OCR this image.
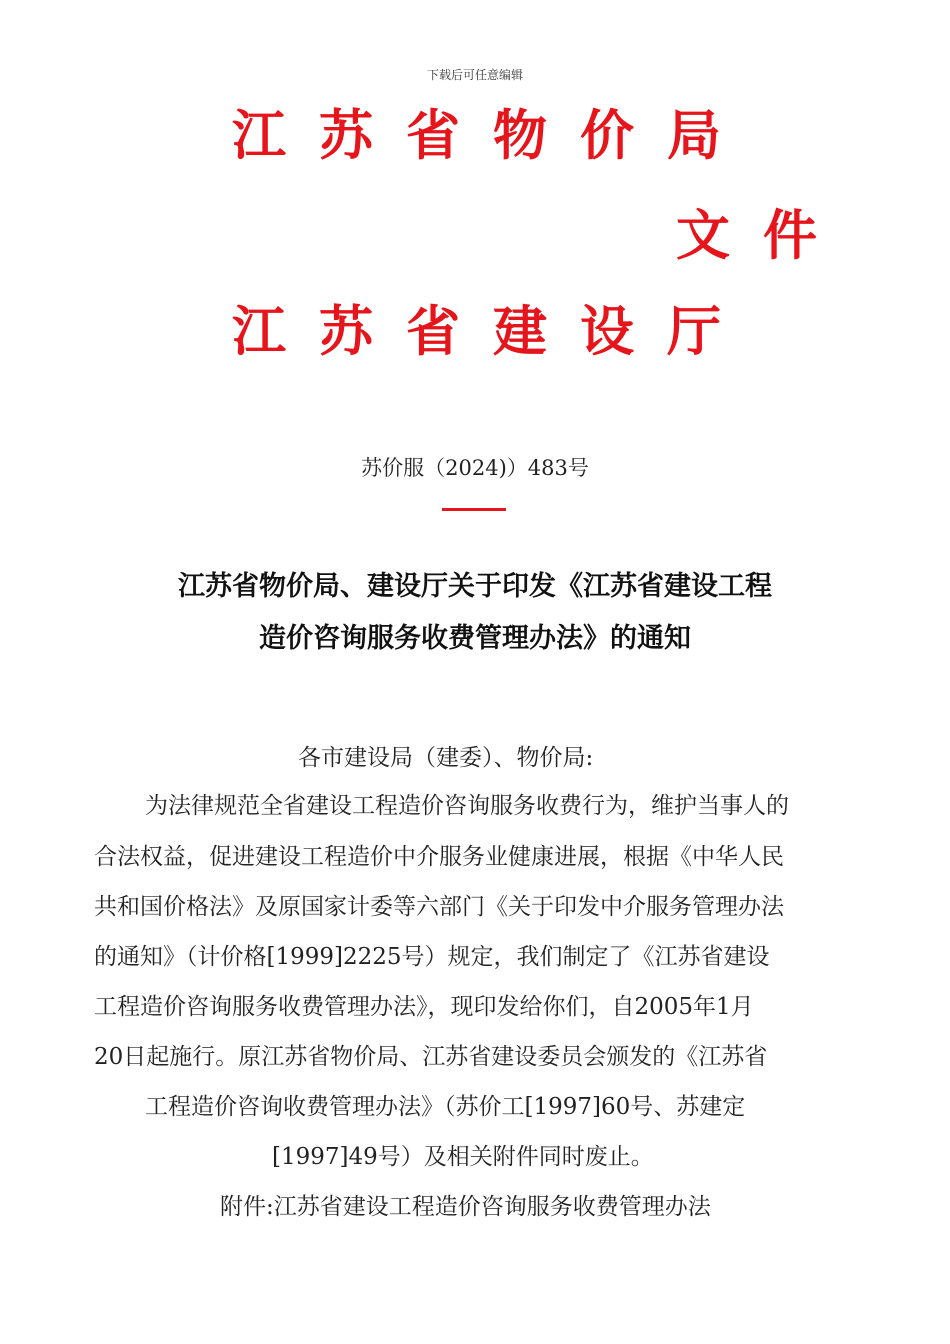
下载后可任意编辑
江苏省物价局
文件
江苏省建设厅
苏价服（2024)）483号
江苏省物价局、建设厅关于印发《江苏省建设工程
造价咨询服务收费管理办法》的通知
各市建设局（建委）、物价局:
为法律规范全省建设工程造价咨询服务收费行为，维护当事人的
合法权益，促进建设工程造价中介服务业健康进展，根据《中华人民
共和国价格法》及原国家计委等六部门《关于印发中介服务管理办法
的通知》（计价格[1999]2225号）规定，我们制定了《江苏省建设
工程造价咨询服务收费管理办法》，现印发给你们，自2005年1月
20日起施行。原江苏省物价局、江苏省建设委员会颁发的《江苏省
工程造价咨询收费管理办法》（苏价工[1997]60号、苏建定
[1997]49号）及相关附件同时废止。
附件:江苏省建设工程造价咨询服务收费管理办法
